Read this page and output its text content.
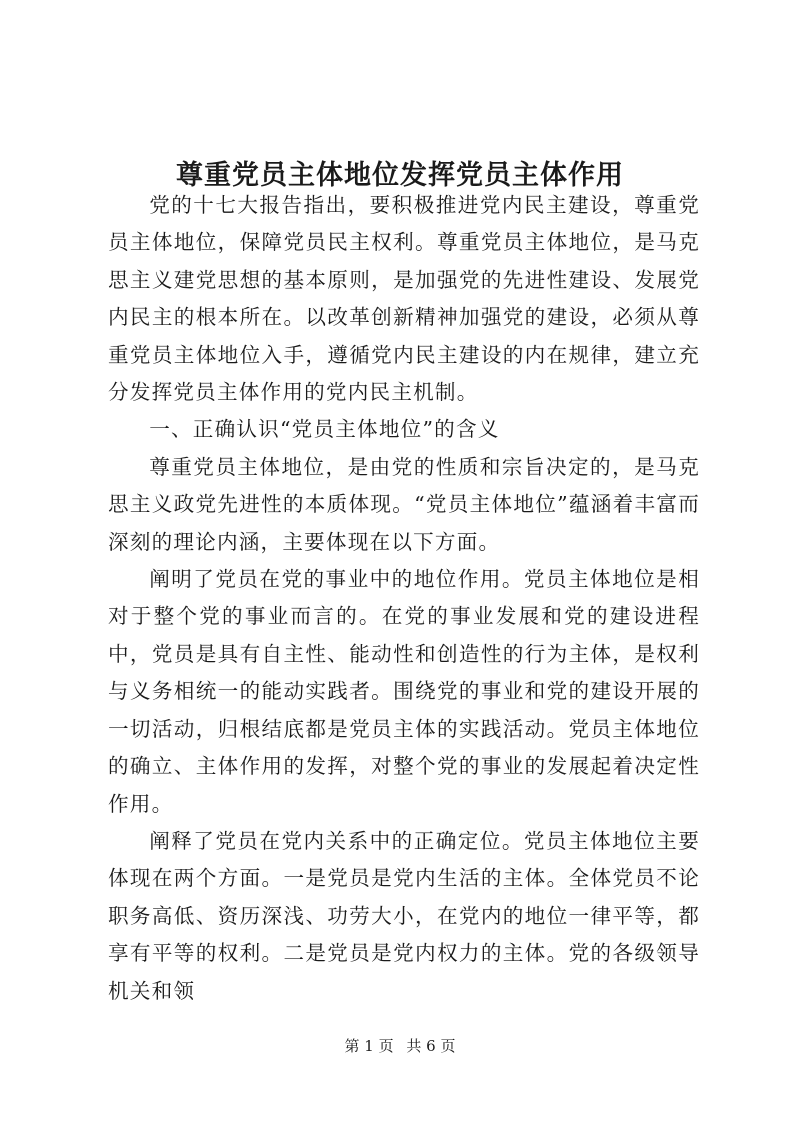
尊重党员主体地位发挥党员主体作用

党的十七大报告指出，要积极推进党内民主建设，尊重党员主体地位，保障党员民主权利。尊重党员主体地位，是马克思主义建党思想的基本原则，是加强党的先进性建设、发展党内民主的根本所在。以改革创新精神加强党的建设，必须从尊重党员主体地位入手，遵循党内民主建设的内在规律，建立充分发挥党员主体作用的党内民主机制。

一、正确认识“党员主体地位”的含义

尊重党员主体地位，是由党的性质和宗旨决定的，是马克思主义政党先进性的本质体现。“党员主体地位”蕴涵着丰富而深刻的理论内涵，主要体现在以下方面。

阐明了党员在党的事业中的地位作用。党员主体地位是相对于整个党的事业而言的。在党的事业发展和党的建设进程中，党员是具有自主性、能动性和创造性的行为主体，是权利与义务相统一的能动实践者。围绕党的事业和党的建设开展的一切活动，归根结底都是党员主体的实践活动。党员主体地位的确立、主体作用的发挥，对整个党的事业的发展起着决定性作用。

阐释了党员在党内关系中的正确定位。党员主体地位主要体现在两个方面。一是党员是党内生活的主体。全体党员不论职务高低、资历深浅、功劳大小，在党内的地位一律平等，都享有平等的权利。二是党员是党内权力的主体。党的各级领导机关和领

第 1 页 共 6 页
